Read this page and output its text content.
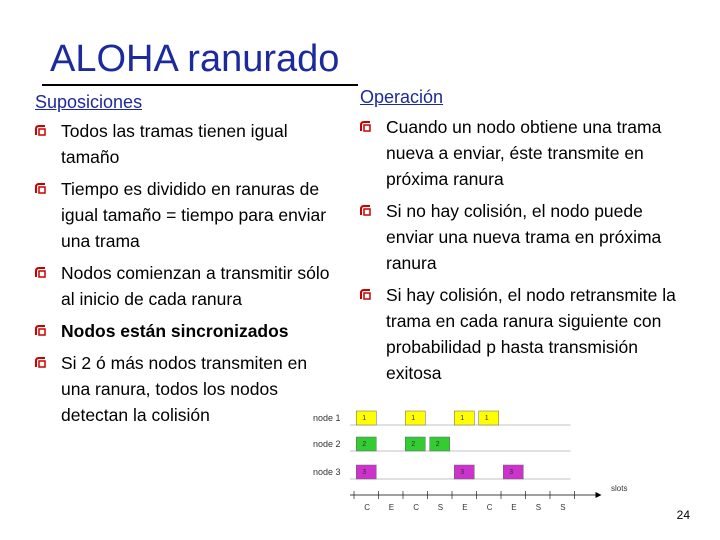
ALOHA ranurado
Suposiciones
Todos las tramas tienen igual tamaño
Tiempo es dividido en ranuras de igual tamaño = tiempo para enviar una trama
Nodos comienzan a transmitir sólo al inicio de cada ranura
Nodos están sincronizados
Si 2 ó más nodos transmiten en una ranura, todos los nodos detectan la colisión
Operación
Cuando un nodo obtiene una trama nueva a enviar, éste transmite en próxima ranura
Si no hay colisión, el nodo puede enviar una nueva trama en próxima ranura
Si hay colisión, el nodo retransmite la trama en cada ranura siguiente con probabilidad p hasta transmisión exitosa
node 1	1	1	1	1
node 2	2	2	2
node 3	3	3	3
slots
C E C S E C E S S
24
